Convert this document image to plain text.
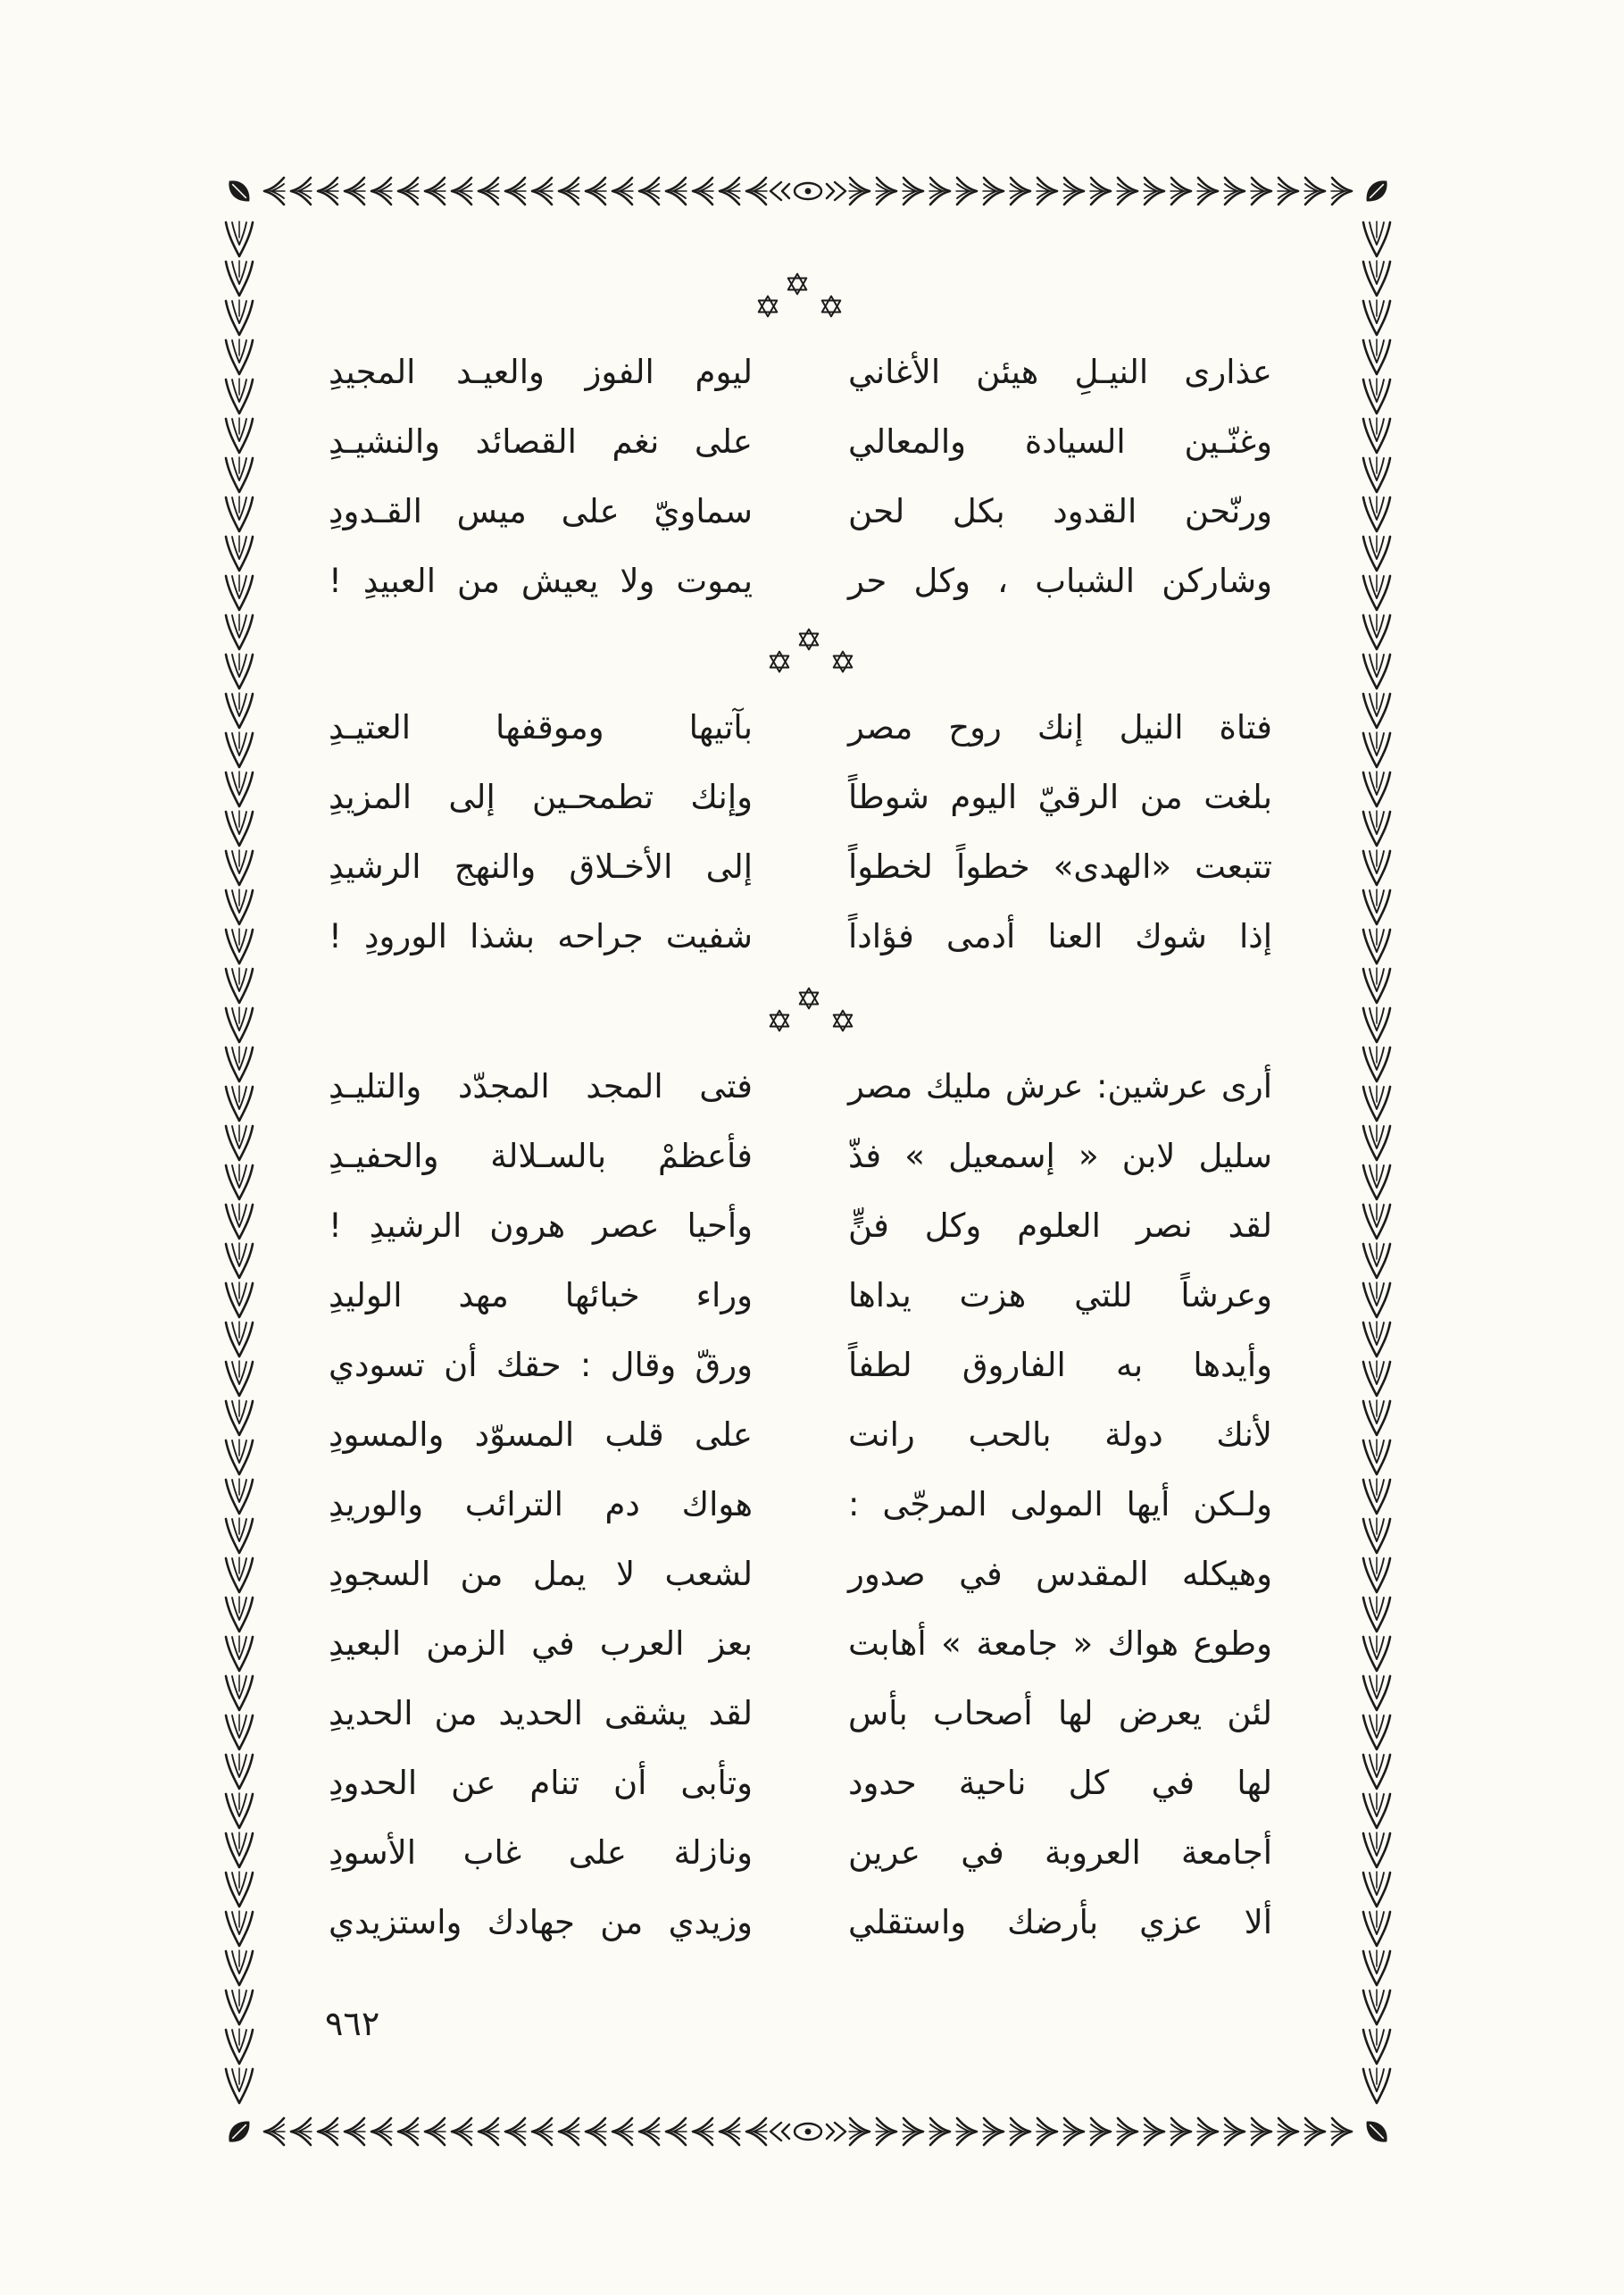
عذارى النيـلِ هيئن الأغاني
ليوم الفوز والعيـد المجيدِ
وغنّـين السيادة والمعالي
على نغم القصائد والنشيـدِ
ورنّحن القدود بكل لحن
سماويّ على ميس القـدودِ
وشاركن الشباب ، وكل حر
يموت ولا يعيش من العبيدِ !
فتاة النيل إنك روح مصر
بآتيها وموقفها العتيـدِ
بلغت من الرقيّ اليوم شوطاً
وإنك تطمحـين إلى المزيدِ
تتبعت «الهدى» خطواً لخطواً
إلى الأخـلاق والنهج الرشيدِ
إذا شوك العنا أدمى فؤاداً
شفيت جراحه بشذا الورودِ !
أرى عرشين: عرش مليك مصر
فتى المجد المجدّد والتليـدِ
سليل لابن « إسمعيل » فذّ
فأعظمْ بالسـلالة والحفيـدِ
لقد نصر العلوم وكل فنٍّ
وأحيا عصر هرون الرشيدِ !
وعرشاً للتي هزت يداها
وراء خبائها مهد الوليدِ
وأيدها به الفاروق لطفاً
ورقّ وقال : حقك أن تسودي
لأنك دولة بالحب رانت
على قلب المسوّد والمسودِ
ولـكن أيها المولى المرجّى :
هواك دم الترائب والوريدِ
وهيكله المقدس في صدور
لشعب لا يمل من السجودِ
وطوع هواك « جامعة » أهابت
بعز العرب في الزمن البعيدِ
لئن يعرض لها أصحاب بأس
لقد يشقى الحديد من الحديدِ
لها في كل ناحية حدود
وتأبى أن تنام عن الحدودِ
أجامعة العروبة في عرين
ونازلة على غاب الأسودِ
ألا عزي بأرضك واستقلي
وزيدي من جهادك واستزيدي
٩٦٢
